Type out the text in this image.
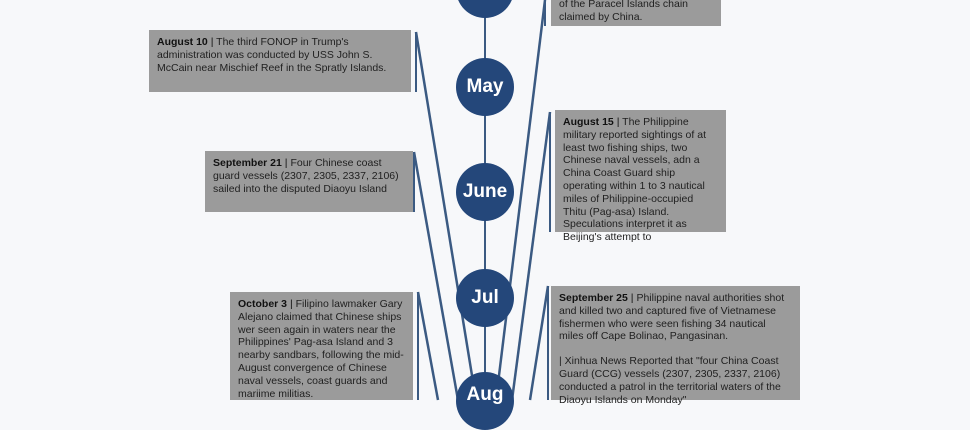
May
June
Jul
Aug
August 10 | The third FONOP in Trump's administration was conducted by USS John S. McCain near Mischief Reef in the Spratly Islands.
September 21 | Four Chinese coast guard vessels (2307, 2305, 2337, 2106) sailed into the disputed Diaoyu Island
October 3 | Filipino lawmaker Gary Alejano claimed that Chinese ships wer seen again in waters near the Philippines' Pag-asa Island and 3 nearby sandbars, following the mid-August convergence of Chinese naval vessels, coast guards and mariime militias.

of the Paracel Islands chain

claimed by China.

August 15 | The Philippine military reported sightings of at least two fishing ships, two Chinese naval vessels, adn a China Coast Guard ship operating within 1 to 3 nautical miles of Philippine-occupied Thitu (Pag-asa) Island. Speculations interpret it as Beijing's attempt to

September 25 | Philippine naval authorities shot and killed two and captured five of Vietnamese fishermen who were seen fishing 34 nautical miles off Cape Bolinao, Pangasinan.

| Xinhua News Reported that "four China Coast Guard (CCG) vessels (2307, 2305, 2337, 2106) conducted a patrol in the territorial waters of the Diaoyu Islands on Monday"
